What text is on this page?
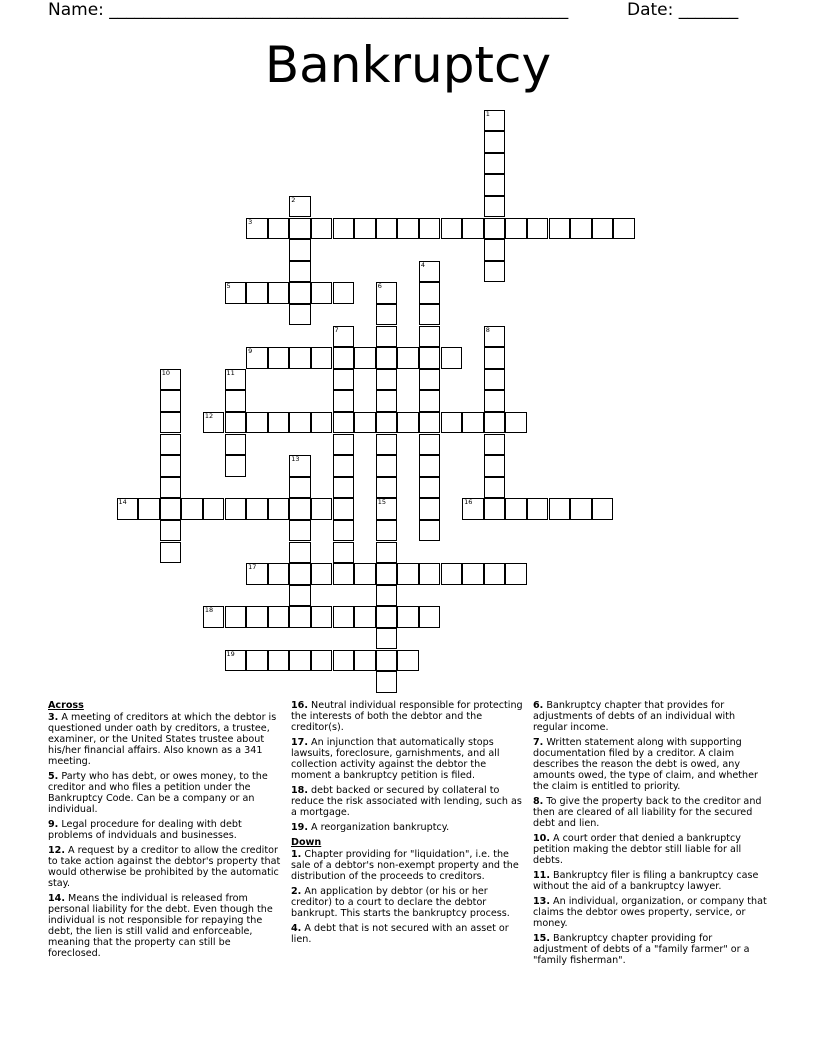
Name: ______________________________________________________	Date: _______
Bankruptcy
3
5
9
12
14	16
17
18
19
1
2
4
6
7	8
10	11
13
15
Across
3. A meeting of creditors at which the debtor is questioned under oath by creditors, a trustee, examiner, or the United States trustee about his/her financial affairs. Also known as a 341 meeting.
5. Party who has debt, or owes money, to the creditor and who files a petition under the Bankruptcy Code. Can be a company or an individual.
9. Legal procedure for dealing with debt problems of indviduals and businesses.
12. A request by a creditor to allow the creditor to take action against the debtor's property that would otherwise be prohibited by the automatic stay.
14. Means the individual is released from personal liability for the debt. Even though the individual is not responsible for repaying the debt, the lien is still valid and enforceable, meaning that the property can still be foreclosed.
16. Neutral individual responsible for protecting the interests of both the debtor and the creditor(s).
17. An injunction that automatically stops lawsuits, foreclosure, garnishments, and all collection activity against the debtor the moment a bankruptcy petition is filed.
18. debt backed or secured by collateral to reduce the risk associated with lending, such as a mortgage.
19. A reorganization bankruptcy.
Down
1. Chapter providing for "liquidation", i.e. the sale of a debtor's non-exempt property and the distribution of the proceeds to creditors.
2. An application by debtor (or his or her creditor) to a court to declare the debtor bankrupt. This starts the bankruptcy process.
4. A debt that is not secured with an asset or lien.
6. Bankruptcy chapter that provides for adjustments of debts of an individual with regular income.
7. Written statement along with supporting documentation filed by a creditor. A claim describes the reason the debt is owed, any amounts owed, the type of claim, and whether the claim is entitled to priority.
8. To give the property back to the creditor and then are cleared of all liability for the secured debt and lien.
10. A court order that denied a bankruptcy petition making the debtor still liable for all debts.
11. Bankruptcy filer is filing a bankruptcy case without the aid of a bankruptcy lawyer.
13. An individual, organization, or company that claims the debtor owes property, service, or money.
15. Bankruptcy chapter providing for adjustment of debts of a "family farmer" or a "family fisherman".
